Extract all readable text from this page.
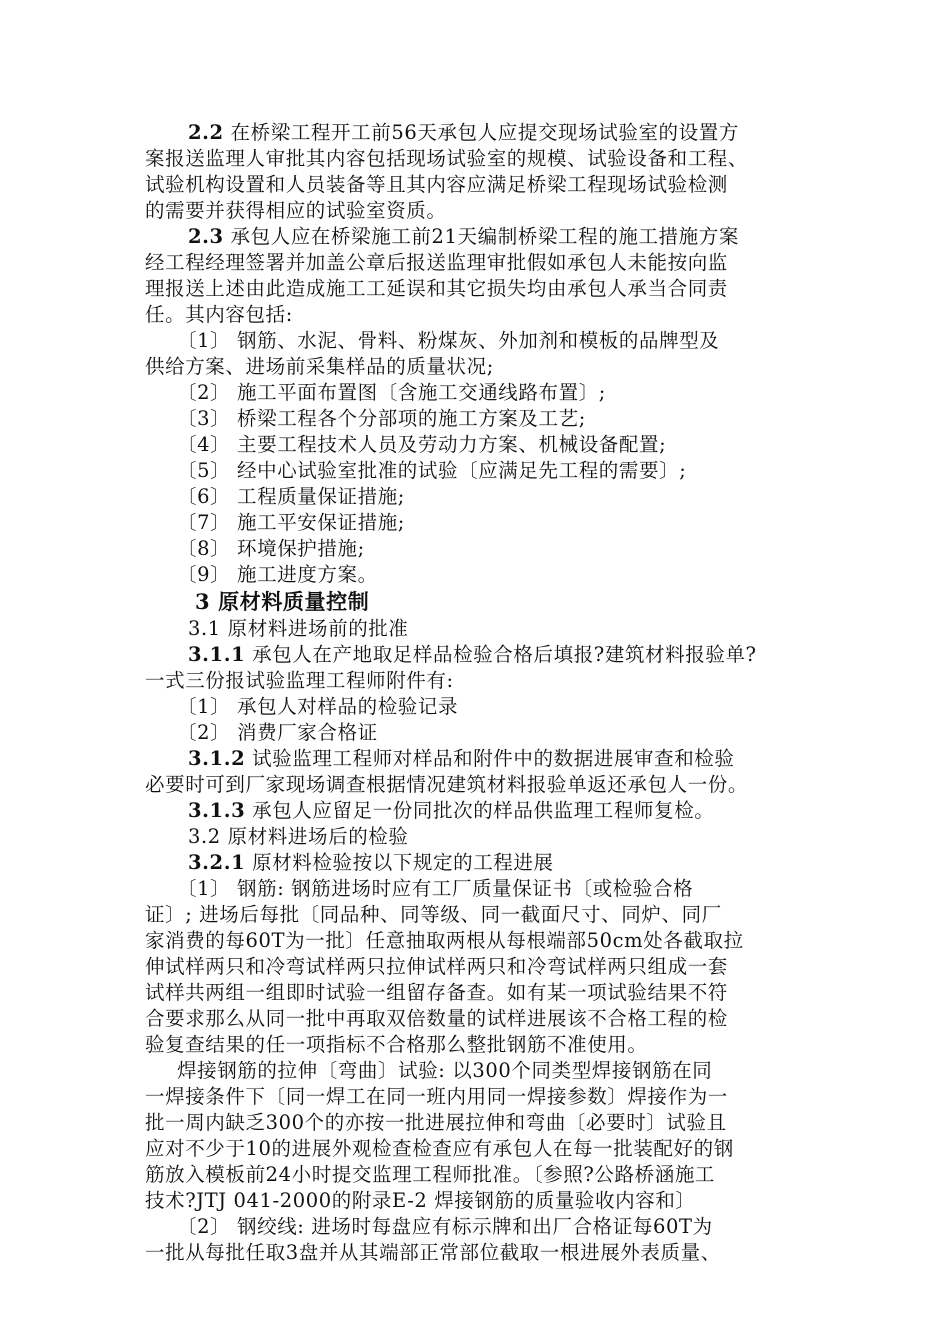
2.2 在桥梁工程开工前56天承包人应提交现场试验室的设置方
案报送监理人审批其内容包括现场试验室的规模、试验设备和工程、
试验机构设置和人员装备等且其内容应满足桥梁工程现场试验检测
的需要并获得相应的试验室资质。
2.3 承包人应在桥梁施工前21天编制桥梁工程的施工措施方案
经工程经理签署并加盖公章后报送监理审批假如承包人未能按向监
理报送上述由此造成施工工延误和其它损失均由承包人承当合同责
任。其内容包括:
〔1〕 钢筋、水泥、骨料、粉煤灰、外加剂和模板的品牌型及
供给方案、进场前采集样品的质量状况;
〔2〕 施工平面布置图〔含施工交通线路布置〕;
〔3〕 桥梁工程各个分部项的施工方案及工艺;
〔4〕 主要工程技术人员及劳动力方案、机械设备配置;
〔5〕 经中心试验室批准的试验〔应满足先工程的需要〕;
〔6〕 工程质量保证措施;
〔7〕 施工平安保证措施;
〔8〕 环境保护措施;
〔9〕 施工进度方案。
3 原材料质量控制
3.1 原材料进场前的批准
3.1.1 承包人在产地取足样品检验合格后填报?建筑材料报验单?
一式三份报试验监理工程师附件有:
〔1〕 承包人对样品的检验记录
〔2〕 消费厂家合格证
3.1.2 试验监理工程师对样品和附件中的数据进展审查和检验
必要时可到厂家现场调查根据情况建筑材料报验单返还承包人一份。
3.1.3 承包人应留足一份同批次的样品供监理工程师复检。
3.2 原材料进场后的检验
3.2.1 原材料检验按以下规定的工程进展
〔1〕 钢筋: 钢筋进场时应有工厂质量保证书〔或检验合格
证〕; 进场后每批〔同品种、同等级、同一截面尺寸、同炉、同厂
家消费的每60T为一批〕任意抽取两根从每根端部50cm处各截取拉
伸试样两只和冷弯试样两只拉伸试样两只和冷弯试样两只组成一套
试样共两组一组即时试验一组留存备查。如有某一项试验结果不符
合要求那么从同一批中再取双倍数量的试样进展该不合格工程的检
验复查结果的任一项指标不合格那么整批钢筋不准使用。
焊接钢筋的拉伸〔弯曲〕试验: 以300个同类型焊接钢筋在同
一焊接条件下〔同一焊工在同一班内用同一焊接参数〕焊接作为一
批一周内缺乏300个的亦按一批进展拉伸和弯曲〔必要时〕试验且
应对不少于10的进展外观检查检查应有承包人在每一批装配好的钢
筋放入模板前24小时提交监理工程师批准。〔参照?公路桥涵施工
技术?JTJ 041-2000的附录E-2 焊接钢筋的质量验收内容和〕
〔2〕 钢绞线: 进场时每盘应有标示牌和出厂合格证每60T为
一批从每批任取3盘并从其端部正常部位截取一根进展外表质量、
